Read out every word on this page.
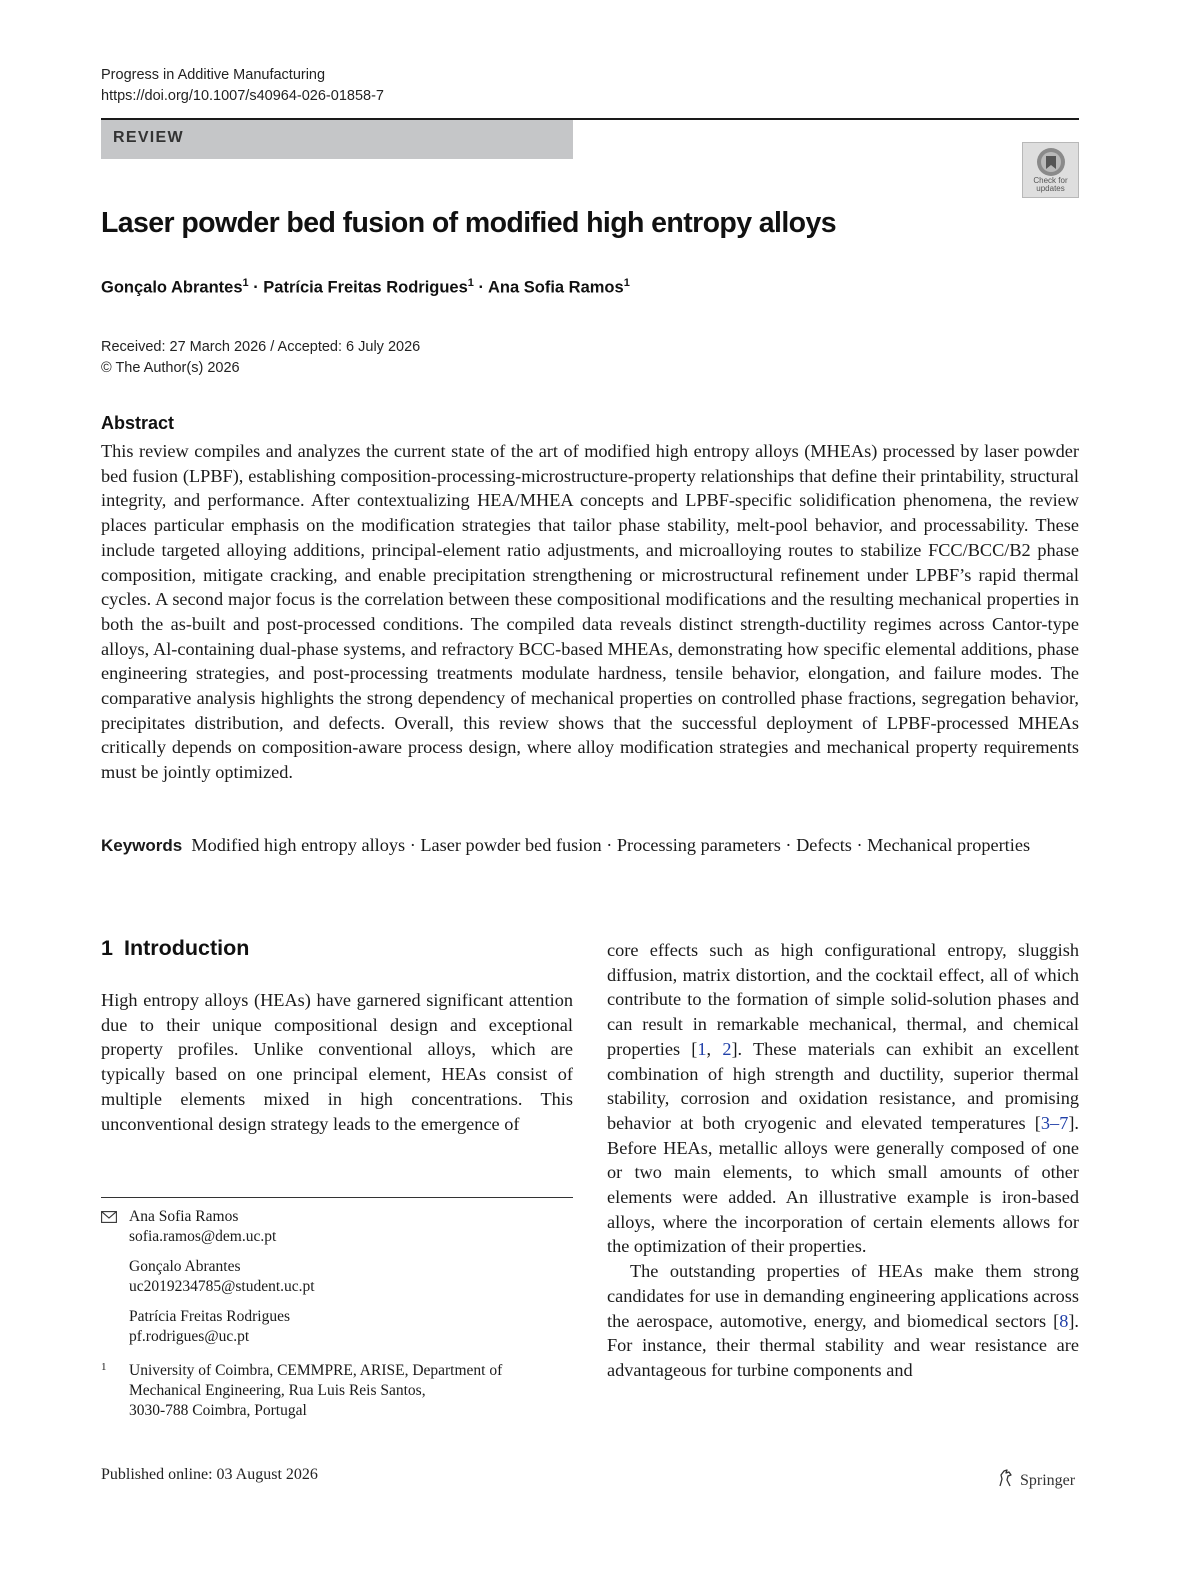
Progress in Additive Manufacturing
https://doi.org/10.1007/s40964-026-01858-7
REVIEW
Check for
updates
Laser powder bed fusion of modified high entropy alloys
Gonçalo Abrantes$^1$ · Patrícia Freitas Rodrigues$^1$ · Ana Sofia Ramos$^1$
Received: 27 March 2026 / Accepted: 6 July 2026
© The Author(s) 2026
Abstract
This review compiles and analyzes the current state of the art of modified high entropy alloys (MHEAs) processed by laser powder bed fusion (LPBF), establishing composition-processing-microstructure-property relationships that define their printability, structural integrity, and performance. After contextualizing HEA/MHEA concepts and LPBF-specific solidification phenomena, the review places particular emphasis on the modification strategies that tailor phase stability, melt-pool behavior, and processability. These include targeted alloying additions, principal-element ratio adjustments, and microalloying routes to stabilize FCC/BCC/B2 phase composition, mitigate cracking, and enable precipitation strengthening or microstructural refinement under LPBF’s rapid thermal cycles. A second major focus is the correlation between these compositional modifications and the resulting mechanical properties in both the as-built and post-processed conditions. The compiled data reveals distinct strength-ductility regimes across Cantor-type alloys, Al-containing dual-phase systems, and refractory BCC-based MHEAs, demonstrating how specific elemental additions, phase engineering strategies, and post-processing treatments modulate hardness, tensile behavior, elongation, and failure modes. The comparative analysis highlights the strong dependency of mechanical properties on controlled phase fractions, segregation behavior, precipitates distribution, and defects. Overall, this review shows that the successful deployment of LPBF-processed MHEAs critically depends on composition-aware process design, where alloy modification strategies and mechanical property requirements must be jointly optimized.
Keywords Modified high entropy alloys · Laser powder bed fusion · Processing parameters · Defects · Mechanical properties
1 Introduction

High entropy alloys (HEAs) have garnered significant attention due to their unique compositional design and exceptional property profiles. Unlike conventional alloys, which are typically based on one principal element, HEAs consist of multiple elements mixed in high concentrations. This unconventional design strategy leads to the emergence of

core effects such as high configurational entropy, sluggish diffusion, matrix distortion, and the cocktail effect, all of which contribute to the formation of simple solid-solution phases and can result in remarkable mechanical, thermal, and chemical properties [1, 2]. These materials can exhibit an excellent combination of high strength and ductility, superior thermal stability, corrosion and oxidation resistance, and promising behavior at both cryogenic and elevated temperatures [3–7]. Before HEAs, metallic alloys were generally composed of one or two main elements, to which small amounts of other elements were added. An illustrative example is iron-based alloys, where the incorporation of certain elements allows for the optimization of their properties.

The outstanding properties of HEAs make them strong candidates for use in demanding engineering applications across the aerospace, automotive, energy, and biomedical sectors [8]. For instance, their thermal stability and wear resistance are advantageous for turbine components and

Ana Sofia Ramos
sofia.ramos@dem.uc.pt
Gonçalo Abrantes
uc2019234785@student.uc.pt
Patrícia Freitas Rodrigues
pf.rodrigues@uc.pt
1 University of Coimbra, CEMMPRE, ARISE, Department of
Mechanical Engineering, Rua Luis Reis Santos,
3030-788 Coimbra, Portugal
Published online: 03 August 2026	Springer
